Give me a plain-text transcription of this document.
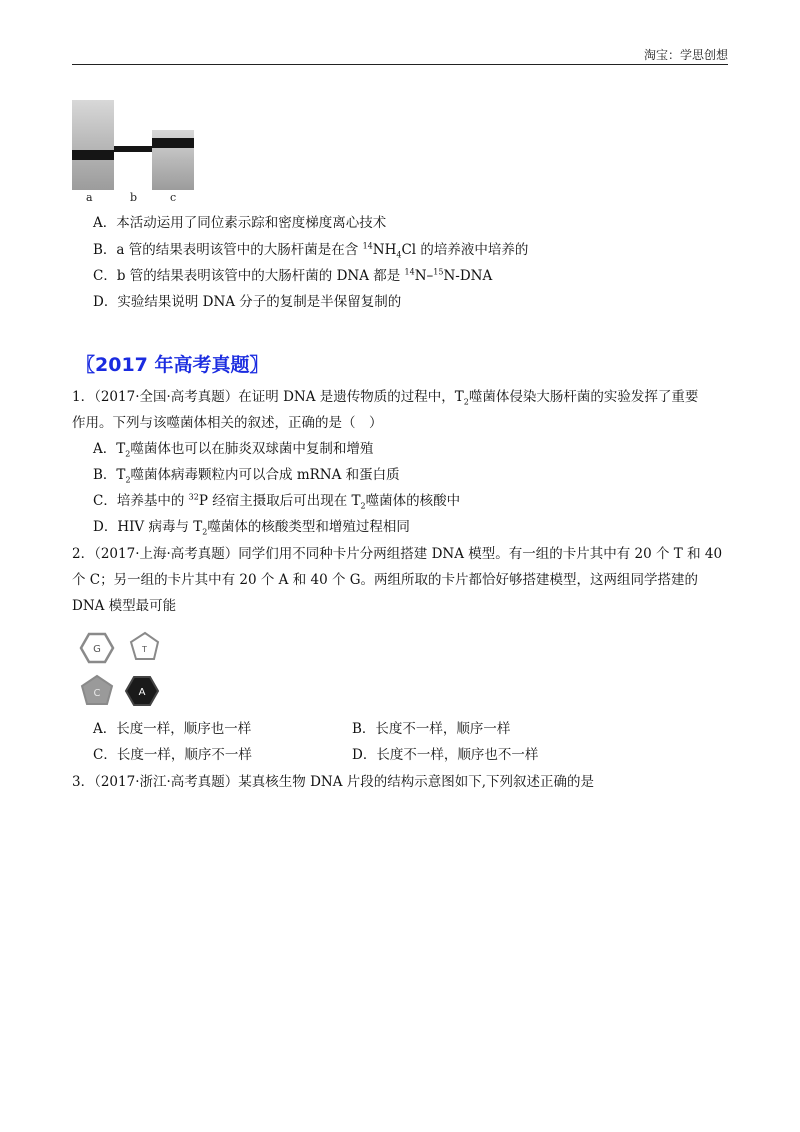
淘宝：学思创想
a	b	c
A．本活动运用了同位素示踪和密度梯度离心技术
B．a 管的结果表明该管中的大肠杆菌是在含 $^{14}NH_4Cl$ 的培养液中培养的
C．b 管的结果表明该管中的大肠杆菌的 DNA 都是 $^{14}$N–$^{15}$N-DNA
D．实验结果说明 DNA 分子的复制是半保留复制的
〖2017 年高考真题〗
1．（2017·全国·高考真题）在证明 DNA 是遗传物质的过程中，$T_2$噬菌体侵染大肠杆菌的实验发挥了重要
作用。下列与该噬菌体相关的叙述，正确的是（　）
A．$T_2$噬菌体也可以在肺炎双球菌中复制和增殖
B．$T_2$噬菌体病毒颗粒内可以合成 mRNA 和蛋白质
C．培养基中的 $^{32}$P 经宿主摄取后可出现在 $T_2$噬菌体的核酸中
D．HIV 病毒与 $T_2$噬菌体的核酸类型和增殖过程相同
2．（2017·上海·高考真题）同学们用不同种卡片分两组搭建 DNA 模型。有一组的卡片其中有 20 个 T 和 40
个 C；另一组的卡片其中有 20 个 A 和 40 个 G。两组所取的卡片都恰好够搭建模型，这两组同学搭建的
DNA 模型最可能
G	T
C	A
A．长度一样，顺序也一样	B．长度不一样，顺序一样
C．长度一样，顺序不一样	D．长度不一样，顺序也不一样
3．（2017·浙江·高考真题）某真核生物 DNA 片段的结构示意图如下,下列叙述正确的是
